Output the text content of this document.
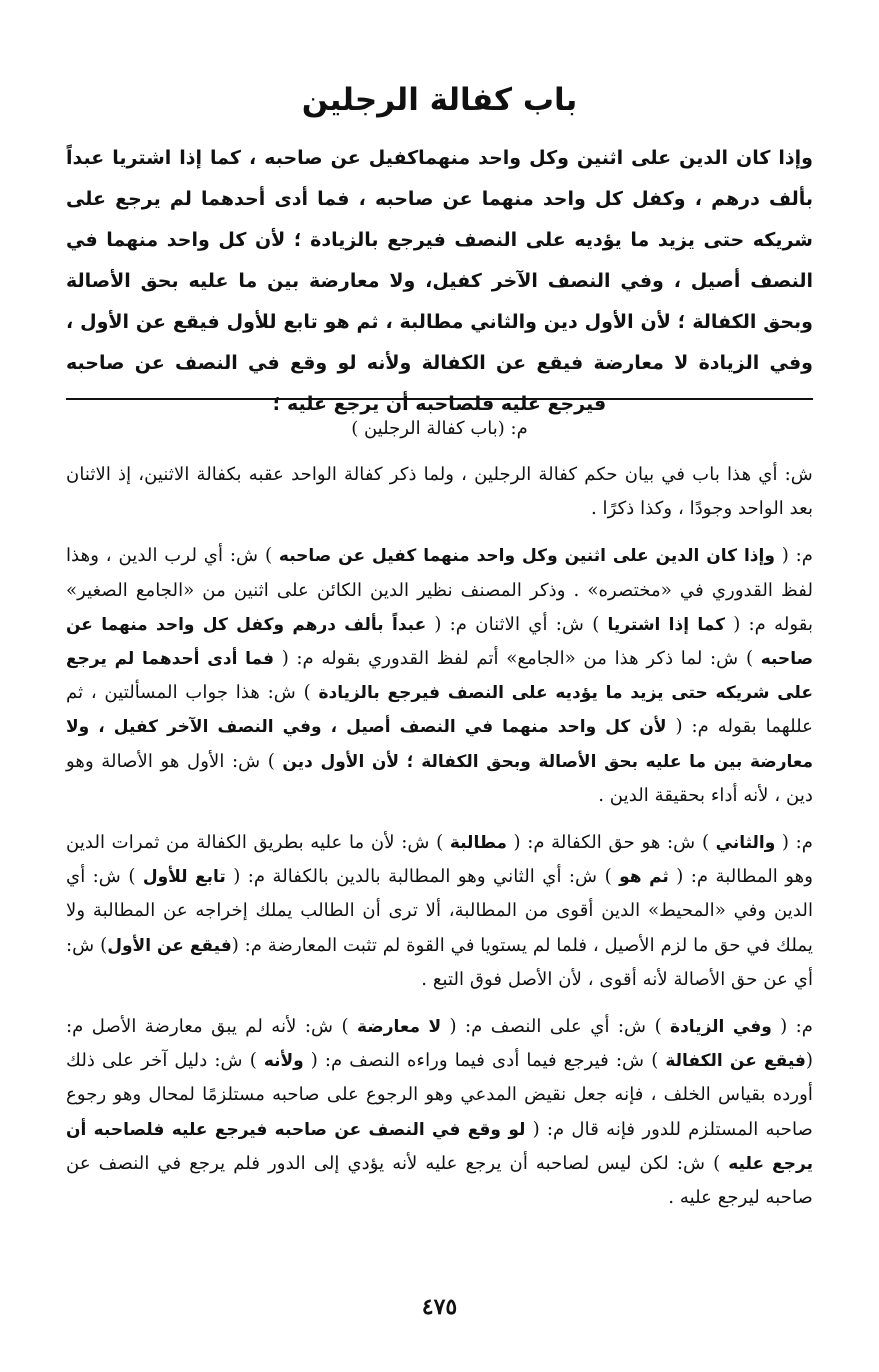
باب كفالة الرجلين
وإذا كان الدين على اثنين وكل واحد منهماكفيل عن صاحبه ، كما إذا اشتريا عبداً بألف درهم ، وكفل كل واحد منهما عن صاحبه ، فما أدى أحدهما لم يرجع على شريكه حتى يزيد ما يؤديه على النصف فيرجع بالزيادة ؛ لأن كل واحد منهما في النصف أصيل ، وفي النصف الآخر كفيل، ولا معارضة بين ما عليه بحق الأصالة وبحق الكفالة ؛ لأن الأول دين والثاني مطالبة ، ثم هو تابع للأول فيقع عن الأول ، وفي الزيادة لا معارضة فيقع عن الكفالة ولأنه لو وقع في النصف عن صاحبه فيرجع عليه فلصاحبه أن يرجع عليه ؛
م: (باب كفالة الرجلين )

ش: أي هذا باب في بيان حكم كفالة الرجلين ، ولما ذكر كفالة الواحد عقبه بكفالة الاثنين، إذ الاثنان بعد الواحد وجودًا ، وكذا ذكرًا .

م: ( وإذا كان الدين على اثنين وكل واحد منهما كفيل عن صاحبه ) ش: أي لرب الدين ، وهذا لفظ القدوري في «مختصره» . وذكر المصنف نظير الدين الكائن على اثنين من «الجامع الصغير» بقوله م: ( كما إذا اشتريا ) ش: أي الاثنان م: ( عبداً بألف درهم وكفل كل واحد منهما عن صاحبه ) ش: لما ذكر هذا من «الجامع» أتم لفظ القدوري بقوله م: ( فما أدى أحدهما لم يرجع على شريكه حتى يزيد ما يؤديه على النصف فيرجع بالزيادة ) ش: هذا جواب المسألتين ، ثم عللهما بقوله م: ( لأن كل واحد منهما في النصف أصيل ، وفي النصف الآخر كفيل ، ولا معارضة بين ما عليه بحق الأصالة وبحق الكفالة ؛ لأن الأول دين ) ش: الأول هو الأصالة وهو دين ، لأنه أداء بحقيقة الدين .

م: ( والثاني ) ش: هو حق الكفالة م: ( مطالبة ) ش: لأن ما عليه بطريق الكفالة من ثمرات الدين وهو المطالبة م: ( ثم هو ) ش: أي الثاني وهو المطالبة بالدين بالكفالة م: ( تابع للأول ) ش: أي الدين وفي «المحيط» الدين أقوى من المطالبة، ألا ترى أن الطالب يملك إخراجه عن المطالبة ولا يملك في حق ما لزم الأصيل ، فلما لم يستويا في القوة لم تثبت المعارضة م: (فيقع عن الأول) ش: أي عن حق الأصالة لأنه أقوى ، لأن الأصل فوق التبع .

م: ( وفي الزيادة ) ش: أي على النصف م: ( لا معارضة ) ش: لأنه لم يبق معارضة الأصل م: (فيقع عن الكفالة ) ش: فيرجع فيما أدى فيما وراءه النصف م: ( ولأنه ) ش: دليل آخر على ذلك أورده بقياس الخلف ، فإنه جعل نقيض المدعي وهو الرجوع على صاحبه مستلزمًا لمحال وهو رجوع صاحبه المستلزم للدور فإنه قال م: ( لو وقع في النصف عن صاحبه فيرجع عليه فلصاحبه أن يرجع عليه ) ش: لكن ليس لصاحبه أن يرجع عليه لأنه يؤدي إلى الدور فلم يرجع في النصف عن صاحبه ليرجع عليه .

٤٧٥
